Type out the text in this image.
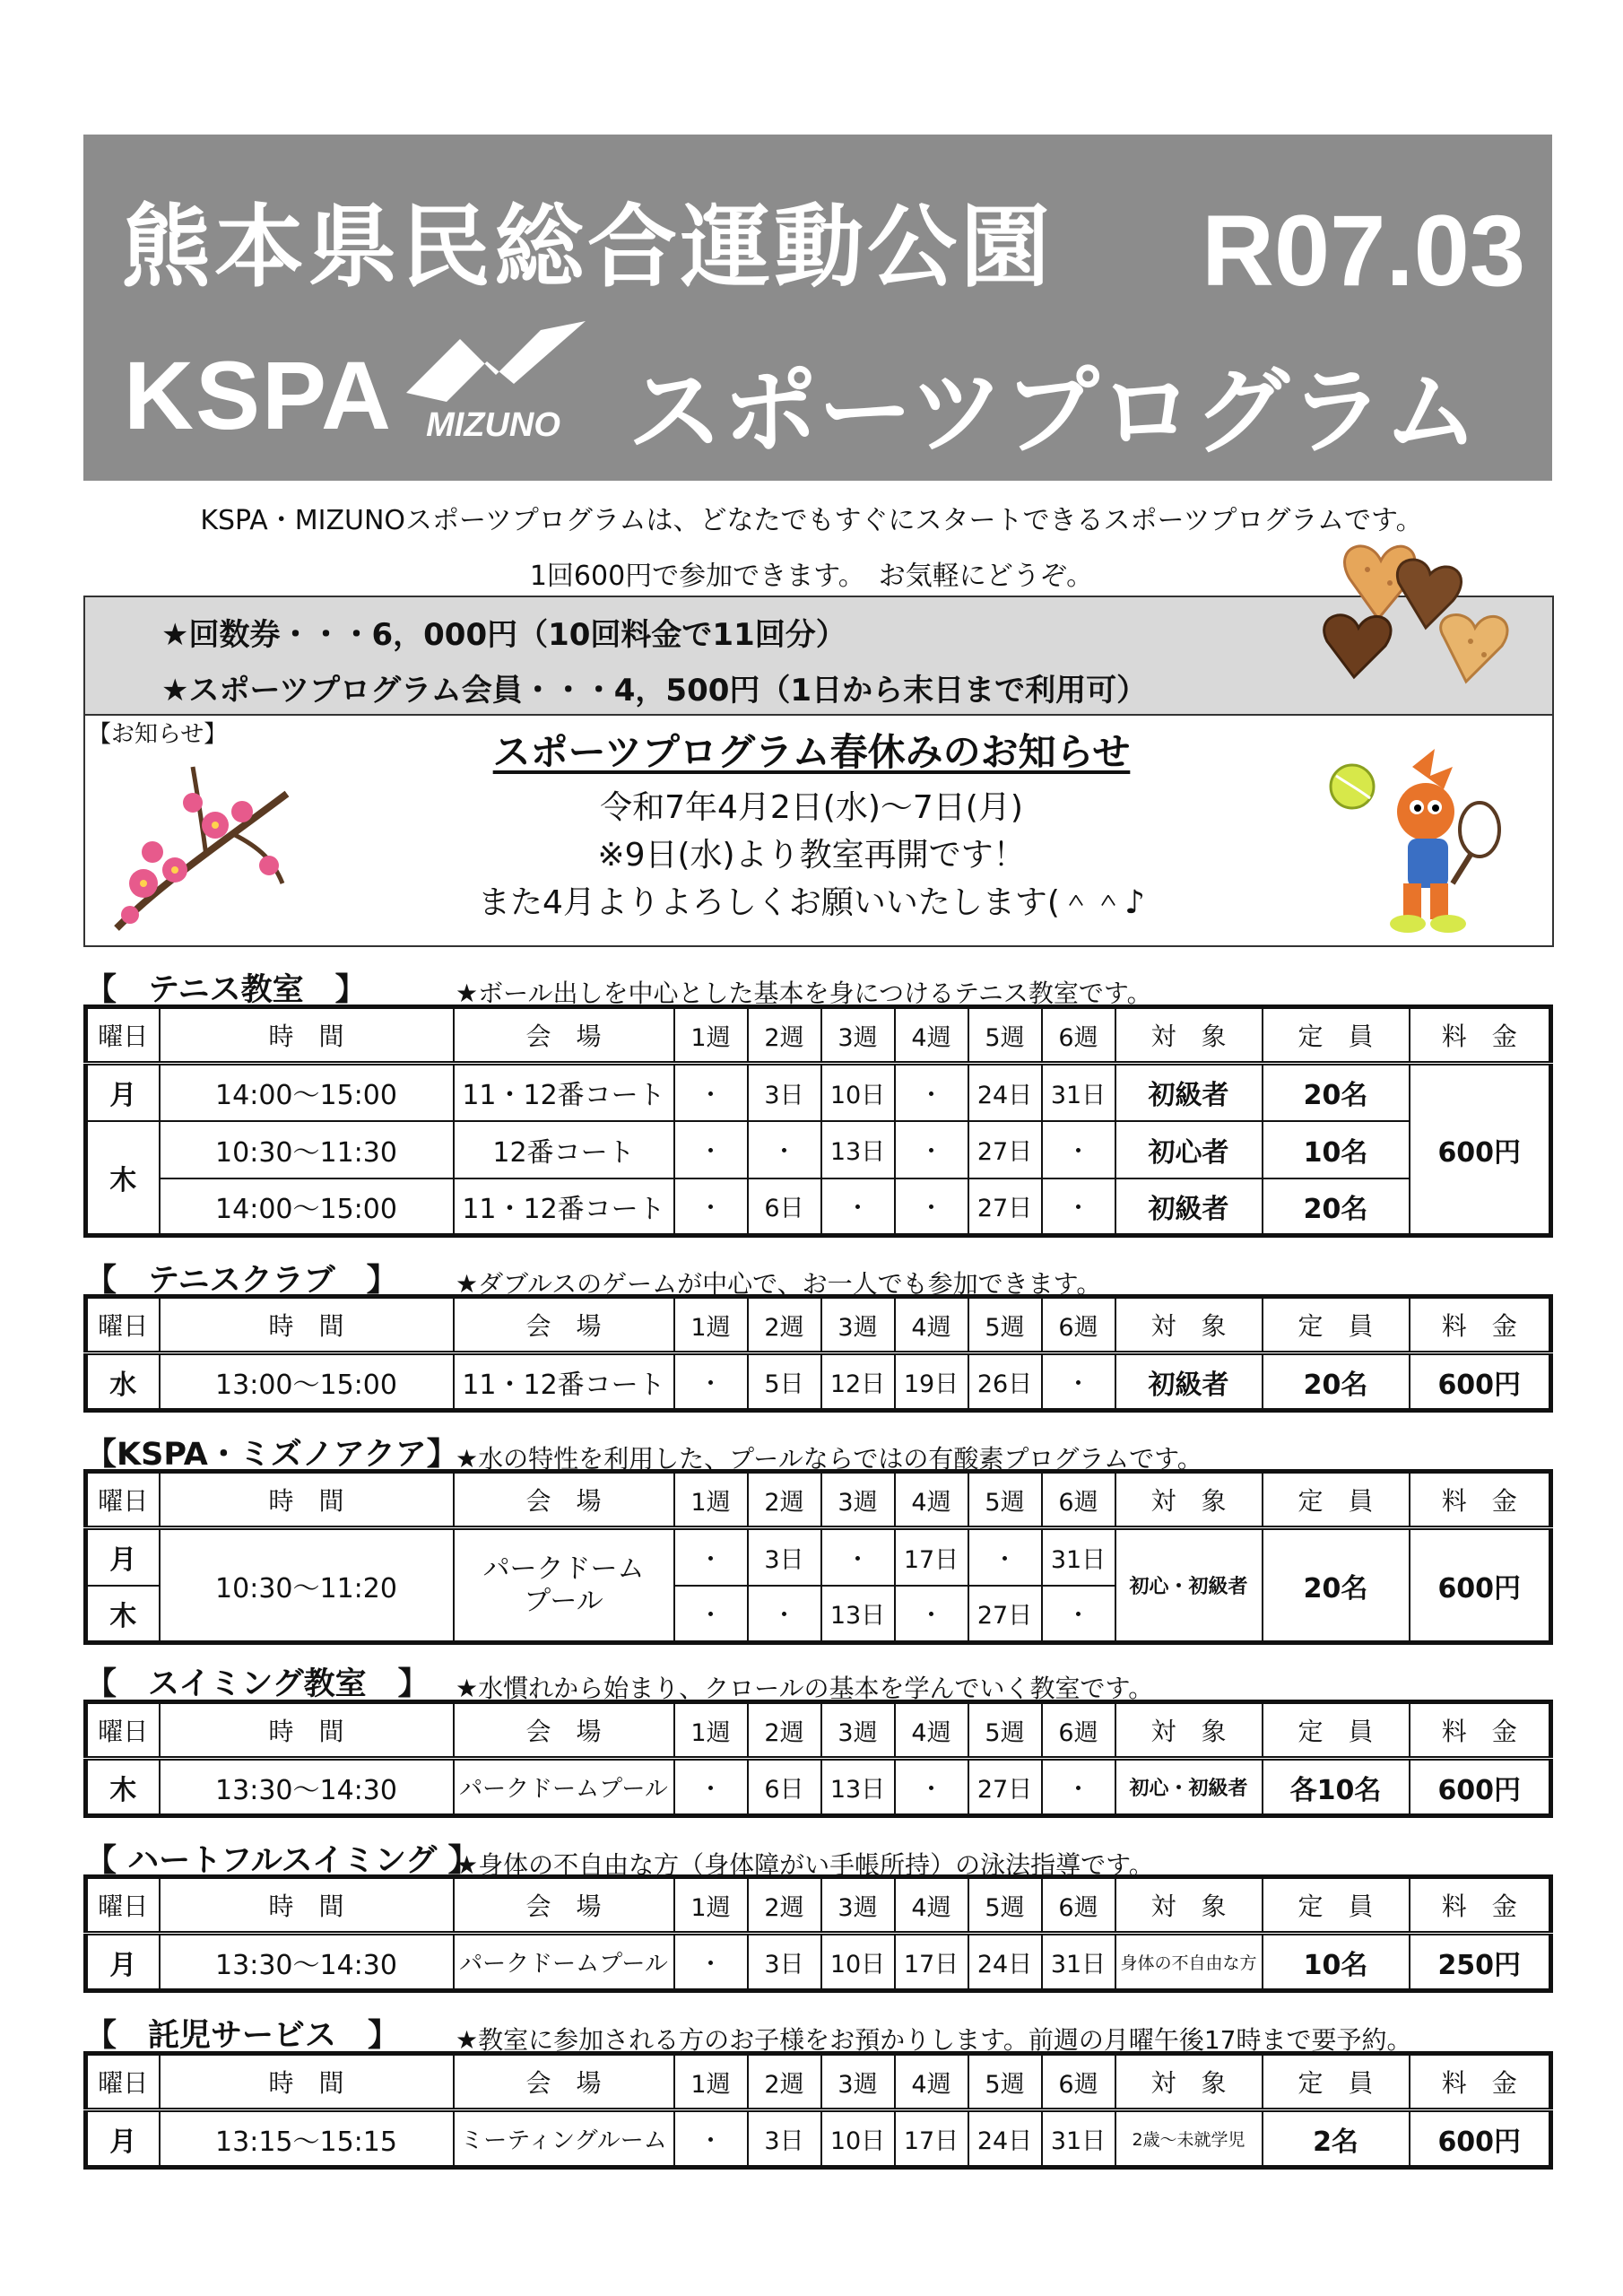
熊本県民総合運動公園 R07.03
KSPA MIZUNO スポーツプログラム
KSPA・MIZUNOスポーツプログラムは、どなたでもすぐにスタートできるスポーツプログラムです。
1回600円で参加できます。　お気軽にどうぞ。
★回数券・・・6，000円（10回料金で11回分）
★スポーツプログラム会員・・・4，500円（1日から末日まで利用可）
【お知らせ】	スポーツプログラム春休みのお知らせ
令和7年4月2日(水)～7日(月)
※9日(水)より教室再開です！
また4月よりよろしくお願いいたします(＾＾♪
【　テニス教室　】	★ボール出しを中心とした基本を身につけるテニス教室です。
曜日	時　間	会　場	1週	2週	3週	4週	5週	6週	対　象	定　員	料　金
月	14:00～15:00	11・12番コート	・	3日	10日	・	24日	31日	初級者	20名	600円
木	10:30～11:30	12番コート	・	・	13日	・	27日	・	初心者	10名	
	14:00～15:00	11・12番コート	・	6日	・	・	27日	・	初級者	20名	
【　テニスクラブ　】 ★ダブルスのゲームが中心で、お一人でも参加できます。
曜日	時　間	会　場	1週	2週	3週	4週	5週	6週	対　象	定　員	料　金
水	13:00～15:00	11・12番コート	・	5日	12日	19日	26日	・	初級者	20名	600円
【KSPA・ミズノアクア】
★水の特性を利用した、プールならではの有酸素プログラムです。
曜日	時　間	会　場	1週	2週	3週	4週	5週	6週	対　象	定　員	料　金
月	10:30～11:20	パークドーム
プール	・	3日	・	17日	・	31日	初心・初級者	20名	600円
木			・	・	13日	・	27日	・			
【　スイミング教室　】 ★水慣れから始まり、クロールの基本を学んでいく教室です。
曜日	時　間	会　場	1週	2週	3週	4週	5週	6週	対　象	定　員	料　金
木	13:30～14:30	パークドームプール	・	6日	13日	・	27日	・	初心・初級者	各10名	600円
【 ハートフルスイミング 】
★身体の不自由な方（身体障がい手帳所持）の泳法指導です。
曜日	時　間	会　場	1週	2週	3週	4週	5週	6週	対　象	定　員	料　金
月	13:30～14:30	パークドームプール	・	3日	10日	17日	24日	31日	身体の不自由な方	10名	250円
【　託児サービス　】 ★教室に参加される方のお子様をお預かりします。前週の月曜午後17時まで要予約。
曜日	時　間	会　場	1週	2週	3週	4週	5週	6週	対　象	定　員	料　金
月	13:15～15:15	ミーティングルーム	・	3日	10日	17日	24日	31日	2歳～未就学児	2名	600円
